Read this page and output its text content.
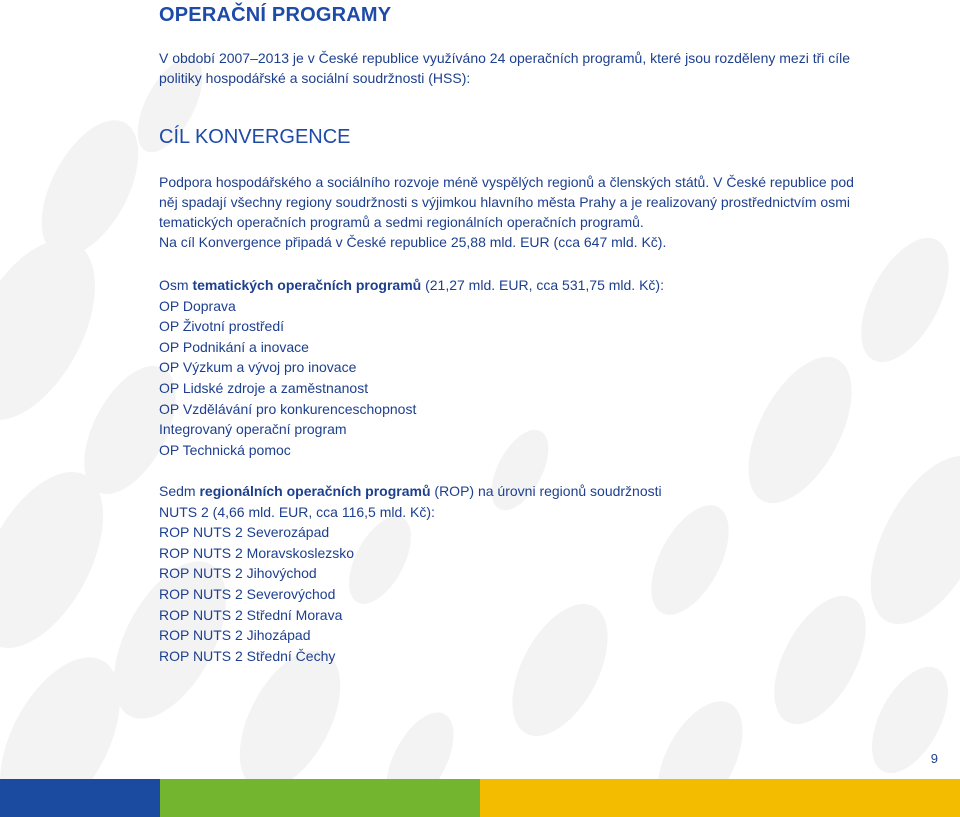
OPERAČNÍ PROGRAMY

V období 2007–2013 je v České republice využíváno 24 operačních programů, které jsou rozděleny mezi tři cíle politiky hospodářské a sociální soudržnosti (HSS):

CÍL KONVERGENCE

Podpora hospodářského a sociálního rozvoje méně vyspělých regionů a členských států. V České republice pod
něj spadají všechny regiony soudržnosti s výjimkou hlavního města Prahy a je realizovaný prostřednictvím osmi
tematických operačních programů a sedmi regionálních operačních programů.
Na cíl Konvergence připadá v České republice 25,88 mld. EUR (cca 647 mld. Kč).

Osm tematických operačních programů (21,27 mld. EUR, cca 531,75 mld. Kč):
OP Doprava
OP Životní prostředí
OP Podnikání a inovace
OP Výzkum a vývoj pro inovace
OP Lidské zdroje a zaměstnanost
OP Vzdělávání pro konkurenceschopnost
Integrovaný operační program
OP Technická pomoc
Sedm regionálních operačních programů (ROP) na úrovni regionů soudržnosti
NUTS 2 (4,66 mld. EUR, cca 116,5 mld. Kč):
ROP NUTS 2 Severozápad
ROP NUTS 2 Moravskoslezsko
ROP NUTS 2 Jihovýchod
ROP NUTS 2 Severovýchod
ROP NUTS 2 Střední Morava
ROP NUTS 2 Jihozápad
ROP NUTS 2 Střední Čechy
9
